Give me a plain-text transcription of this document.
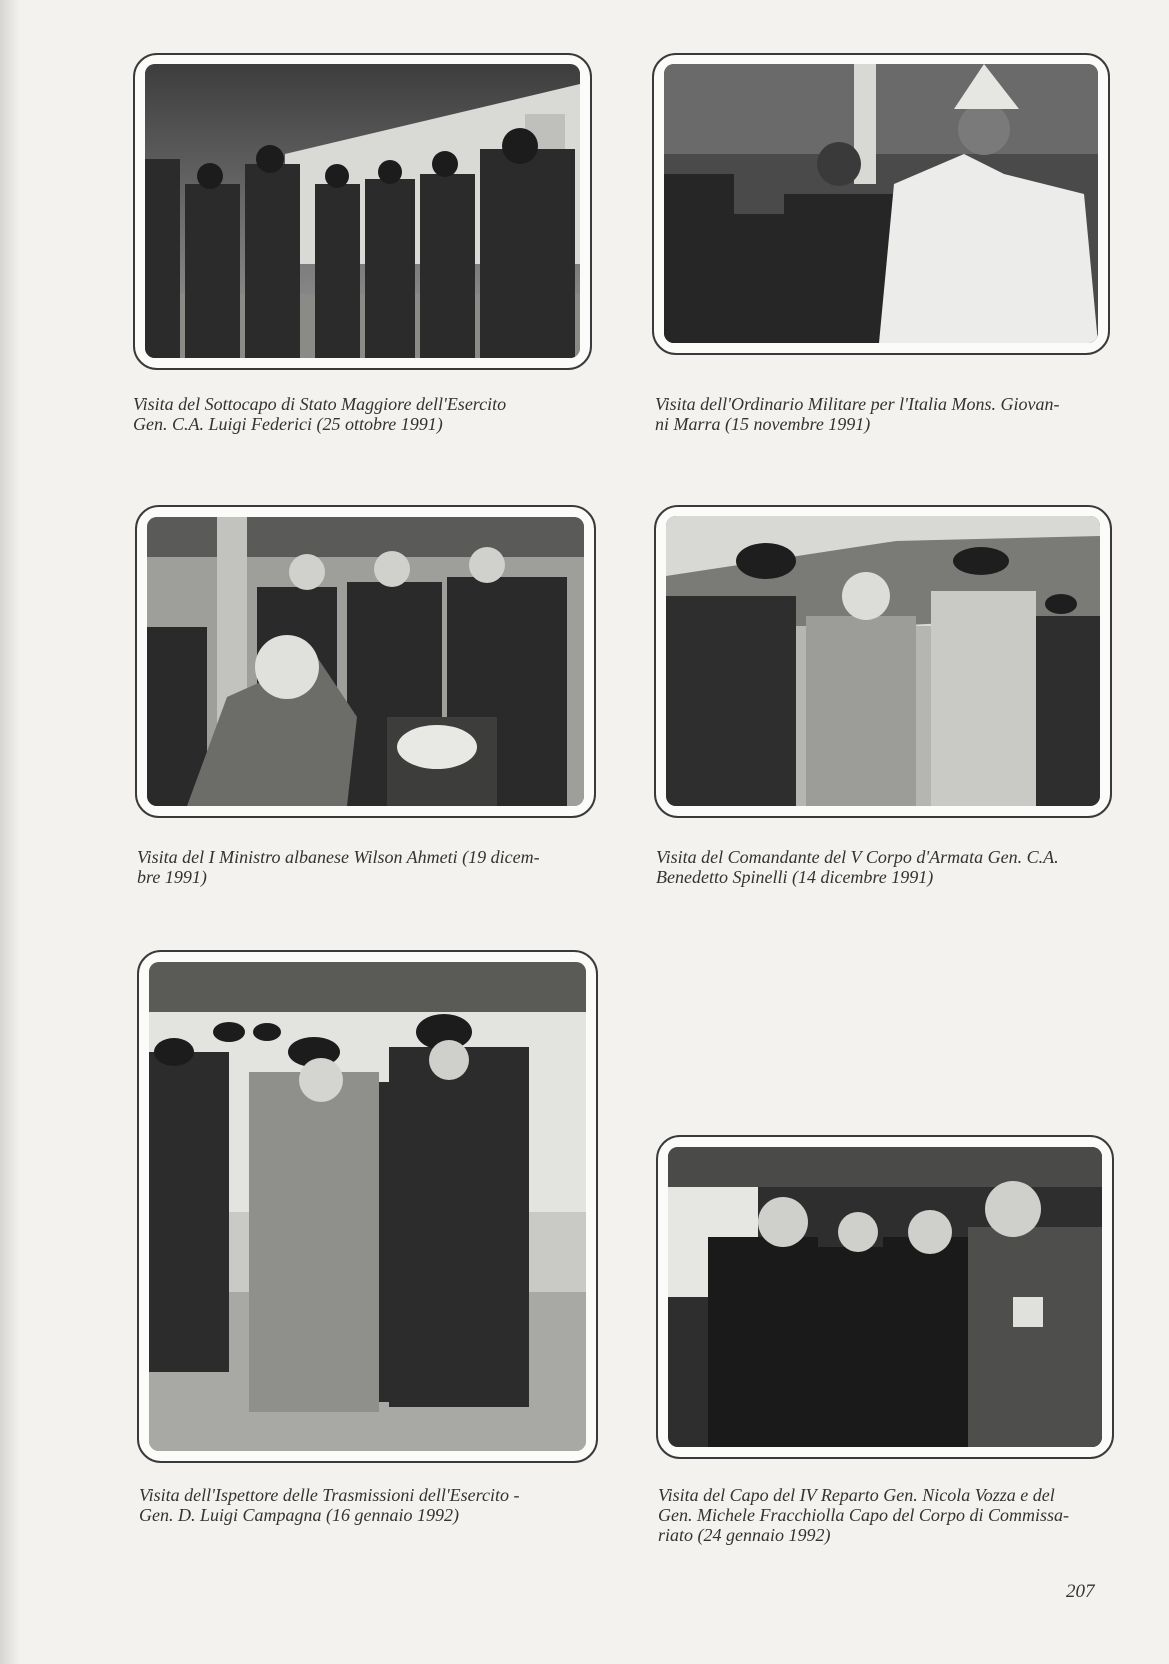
Visita del Sottocapo di Stato Maggiore dell'Esercito
Gen. C.A. Luigi Federici (25 ottobre 1991)
Visita dell'Ordinario Militare per l'Italia Mons. Giovan-
ni Marra (15 novembre 1991)
Visita del I Ministro albanese Wilson Ahmeti (19 dicem-
bre 1991)
Visita del Comandante del V Corpo d'Armata Gen. C.A.
Benedetto Spinelli (14 dicembre 1991)
Visita dell'Ispettore delle Trasmissioni dell'Esercito -
Gen. D. Luigi Campagna (16 gennaio 1992)
Visita del Capo del IV Reparto Gen. Nicola Vozza e del
Gen. Michele Fracchiolla Capo del Corpo di Commissa-
riato (24 gennaio 1992)
207
